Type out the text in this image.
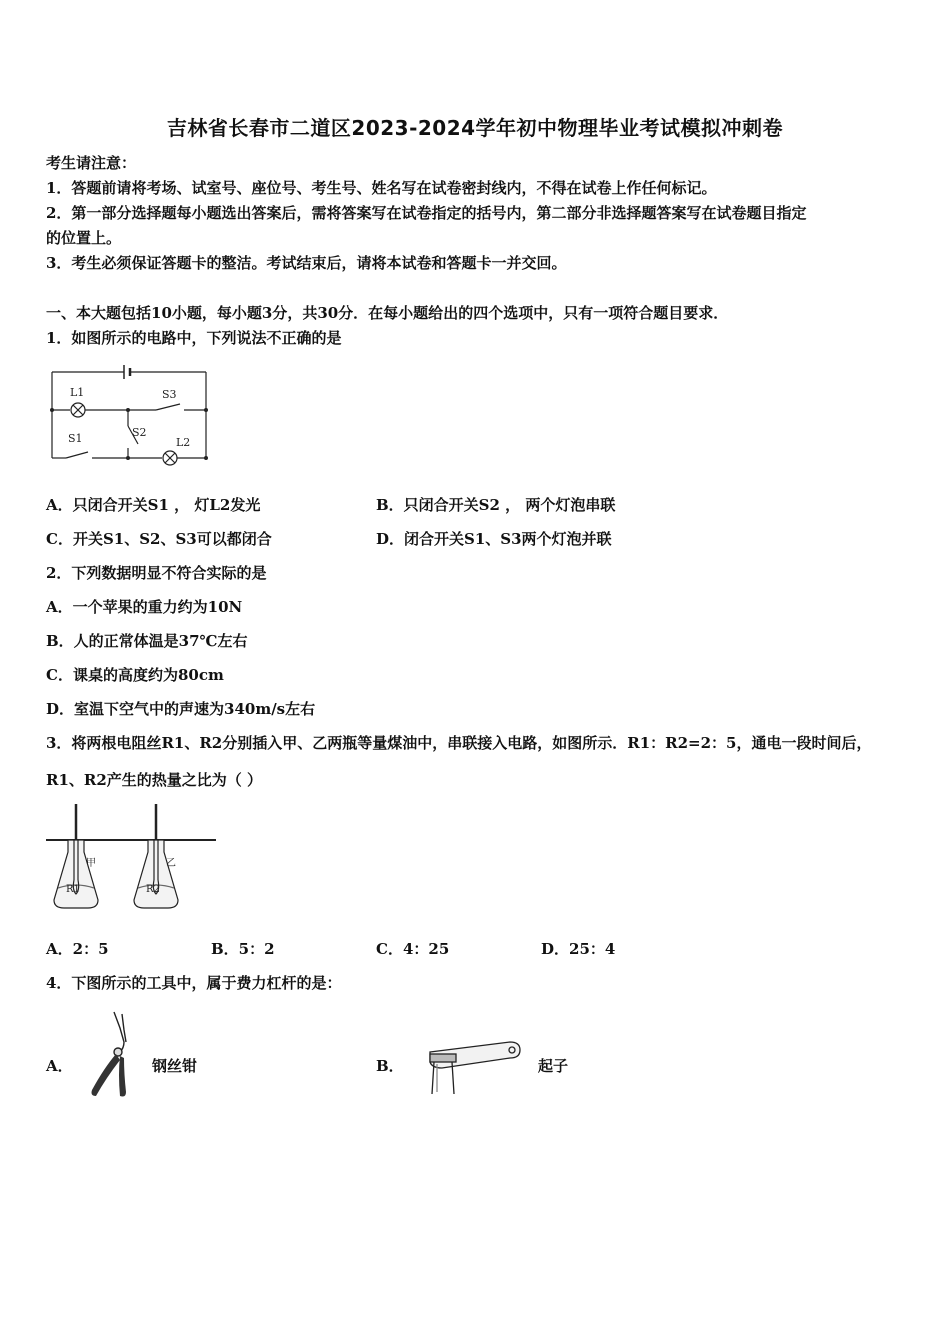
吉林省长春市二道区2023-2024学年初中物理毕业考试模拟冲刺卷
考生请注意：
1．答题前请将考场、试室号、座位号、考生号、姓名写在试卷密封线内，不得在试卷上作任何标记。
2．第一部分选择题每小题选出答案后，需将答案写在试卷指定的括号内，第二部分非选择题答案写在试卷题目指定
的位置上。
3．考生必须保证答题卡的整洁。考试结束后，请将本试卷和答题卡一并交回。
一、本大题包括10小题，每小题3分，共30分．在每小题给出的四个选项中，只有一项符合题目要求．
1．如图所示的电路中，下列说法不正确的是
L1	S3
S2
S1	L2
A．只闭合开关S1 ， 灯L2发光	B．只闭合开关S2 ， 两个灯泡串联
C．开关S1、S2、S3可以都闭合	D．闭合开关S1、S3两个灯泡并联
2．下列数据明显不符合实际的是
A．一个苹果的重力约为10N
B．人的正常体温是37℃左右
C．课桌的高度约为80cm
D．室温下空气中的声速为340m/s左右
3．将两根电阻丝R1、R2分别插入甲、乙两瓶等量煤油中，串联接入电路，如图所示．R1：R2=2：5，通电一段时间后，
R1、R2产生的热量之比为（ ）
甲	乙
R1	R2
A．2：5	B．5：2	C．4：25	D．25：4
4．下图所示的工具中，属于费力杠杆的是：
A．	钢丝钳	B．	起子
